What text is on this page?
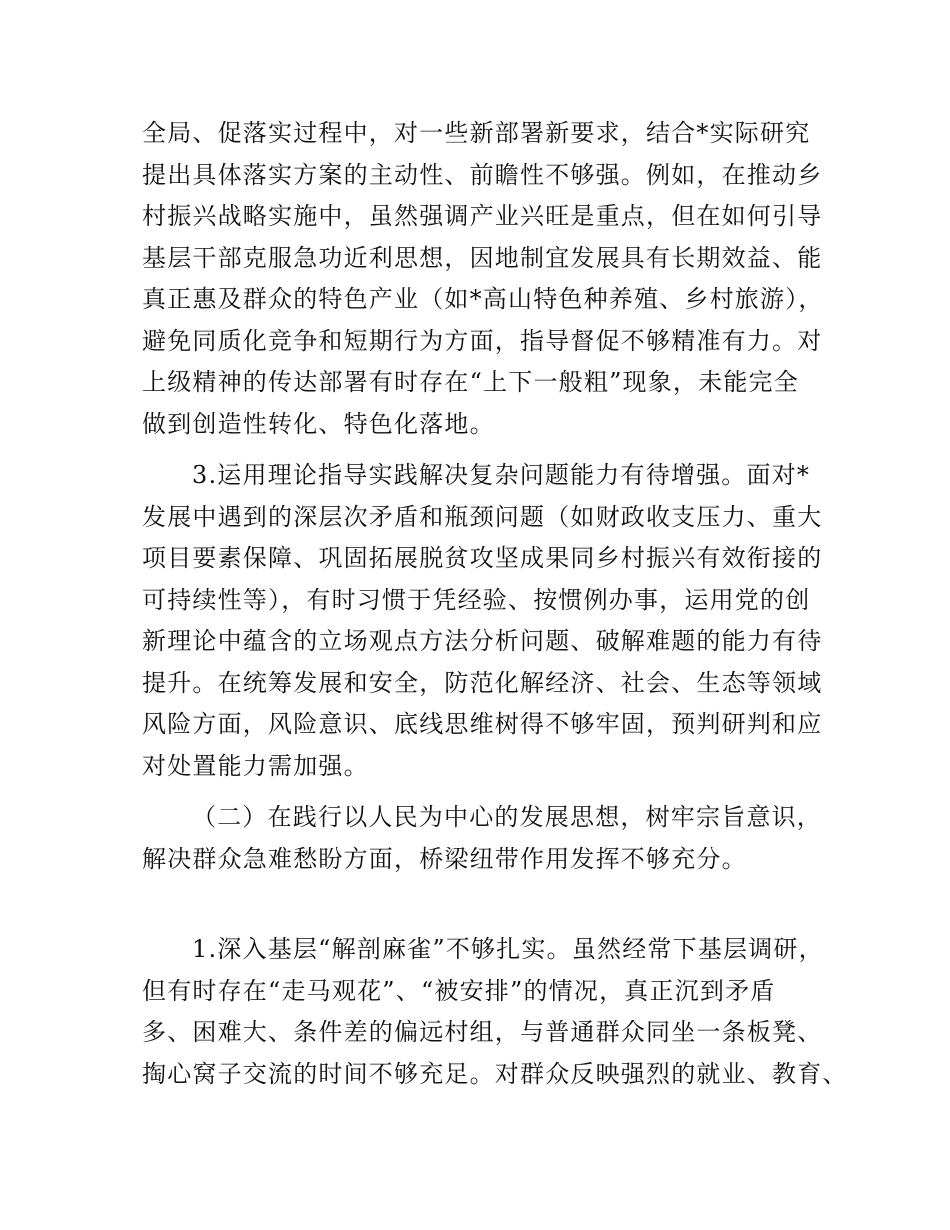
全局、促落实过程中，对一些新部署新要求，结合*实际研究
提出具体落实方案的主动性、前瞻性不够强。例如，在推动乡
村振兴战略实施中，虽然强调产业兴旺是重点，但在如何引导
基层干部克服急功近利思想，因地制宜发展具有长期效益、能
真正惠及群众的特色产业（如*高山特色种养殖、乡村旅游），
避免同质化竞争和短期行为方面，指导督促不够精准有力。对
上级精神的传达部署有时存在“上下一般粗”现象，未能完全
做到创造性转化、特色化落地。
3.运用理论指导实践解决复杂问题能力有待增强。面对*
发展中遇到的深层次矛盾和瓶颈问题（如财政收支压力、重大
项目要素保障、巩固拓展脱贫攻坚成果同乡村振兴有效衔接的
可持续性等），有时习惯于凭经验、按惯例办事，运用党的创
新理论中蕴含的立场观点方法分析问题、破解难题的能力有待
提升。在统筹发展和安全，防范化解经济、社会、生态等领域
风险方面，风险意识、底线思维树得不够牢固，预判研判和应
对处置能力需加强。
（二）在践行以人民为中心的发展思想，树牢宗旨意识，
解决群众急难愁盼方面，桥梁纽带作用发挥不够充分。
1.深入基层“解剖麻雀”不够扎实。虽然经常下基层调研，
但有时存在“走马观花”、“被安排”的情况，真正沉到矛盾
多、困难大、条件差的偏远村组，与普通群众同坐一条板凳、
掏心窝子交流的时间不够充足。对群众反映强烈的就业、教育、
